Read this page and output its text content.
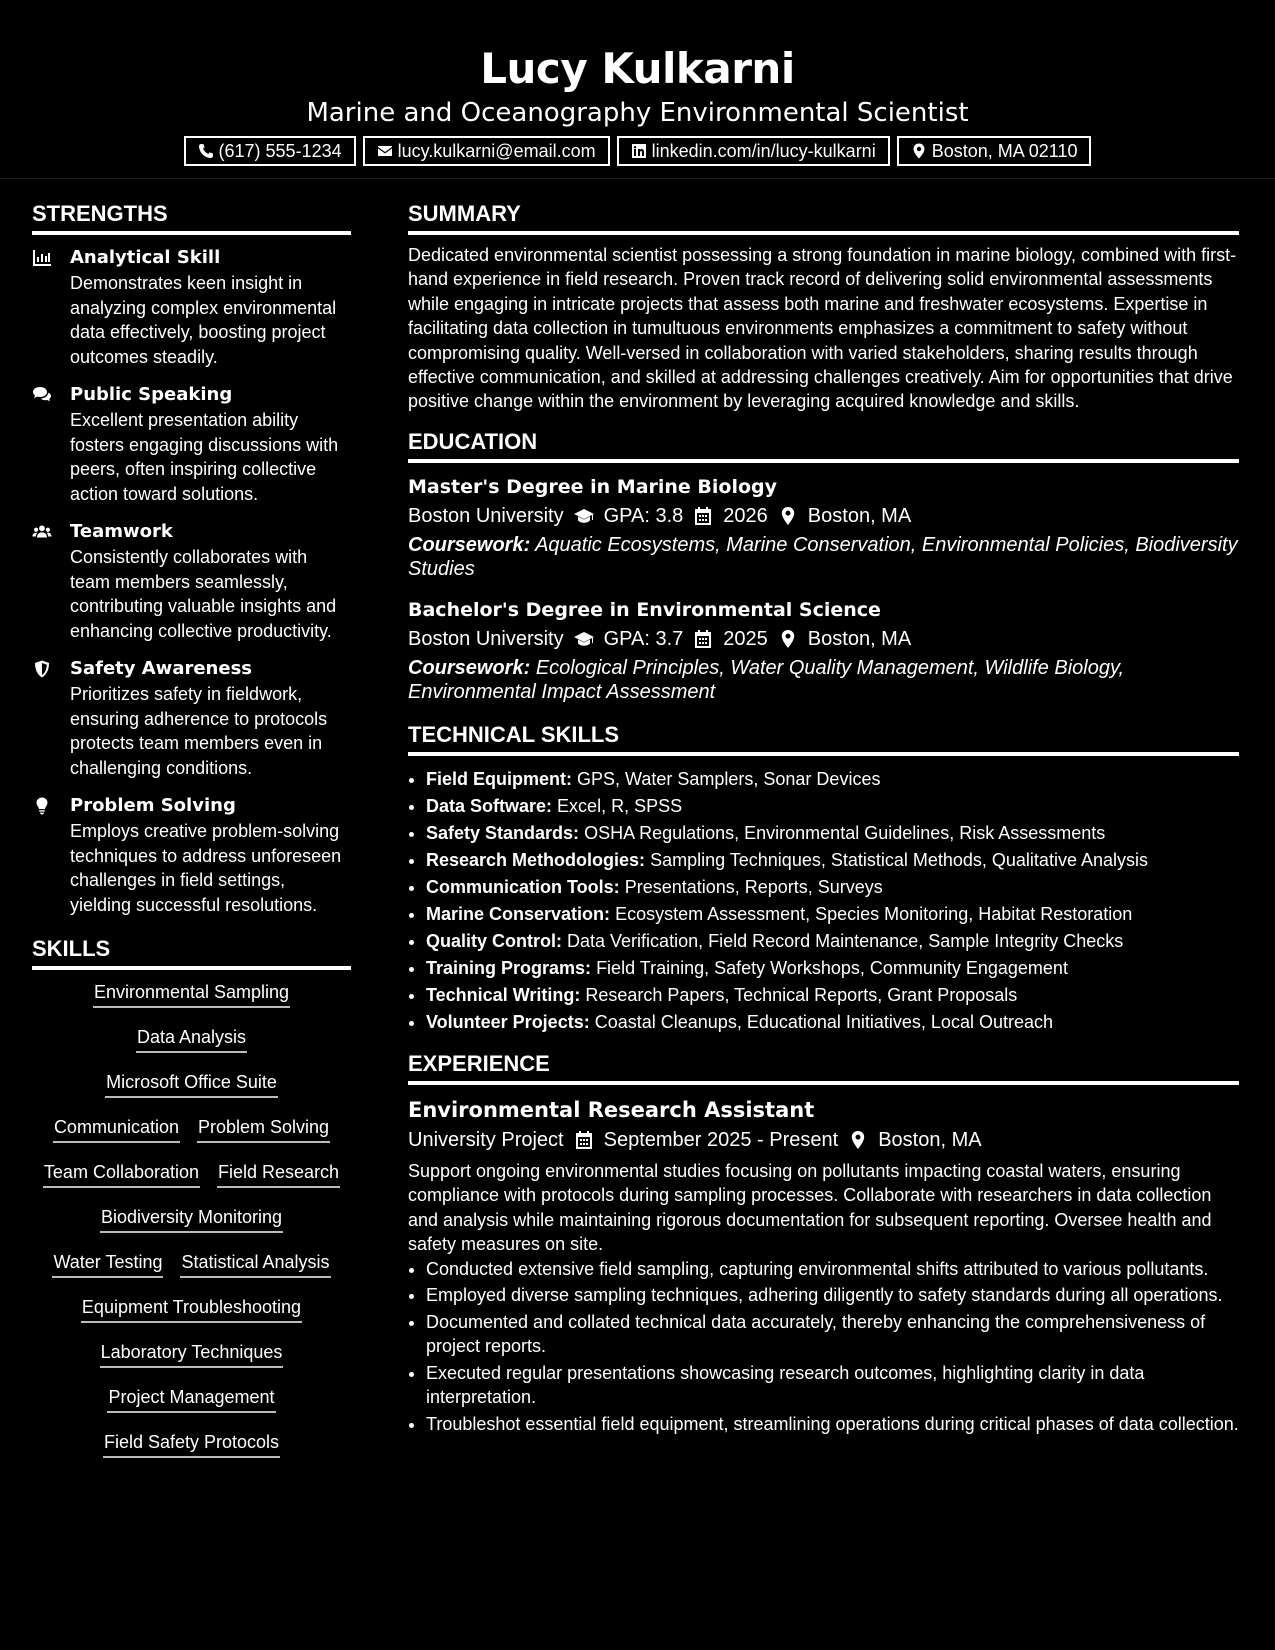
Lucy Kulkarni
Marine and Oceanography Environmental Scientist
(617) 555-1234	lucy.kulkarni@email.com	linkedin.com/in/lucy-kulkarni	Boston, MA 02110
STRENGTHS
Analytical Skill
Demonstrates keen insight in analyzing complex environmental data effectively, boosting project outcomes steadily.
Public Speaking
Excellent presentation ability fosters engaging discussions with peers, often inspiring collective action toward solutions.
Teamwork
Consistently collaborates with team members seamlessly, contributing valuable insights and enhancing collective productivity.
Safety Awareness
Prioritizes safety in fieldwork, ensuring adherence to protocols protects team members even in challenging conditions.
Problem Solving
Employs creative problem-solving techniques to address unforeseen challenges in field settings, yielding successful resolutions.
SKILLS
Environmental Sampling
Data Analysis
Microsoft Office Suite
Communication Problem Solving
Team Collaboration Field Research
Biodiversity Monitoring
Water Testing Statistical Analysis
Equipment Troubleshooting
Laboratory Techniques
Project Management
Field Safety Protocols
SUMMARY
Dedicated environmental scientist possessing a strong foundation in marine biology, combined with first-hand experience in field research. Proven track record of delivering solid environmental assessments while engaging in intricate projects that assess both marine and freshwater ecosystems. Expertise in facilitating data collection in tumultuous environments emphasizes a commitment to safety without compromising quality. Well-versed in collaboration with varied stakeholders, sharing results through effective communication, and skilled at addressing challenges creatively. Aim for opportunities that drive positive change within the environment by leveraging acquired knowledge and skills.
EDUCATION
Master's Degree in Marine Biology
Boston University GPA: 3.8 2026 Boston, MA
Coursework: Aquatic Ecosystems, Marine Conservation, Environmental Policies, Biodiversity Studies
Bachelor's Degree in Environmental Science
Boston University GPA: 3.7 2025 Boston, MA
Coursework: Ecological Principles, Water Quality Management, Wildlife Biology, Environmental Impact Assessment
TECHNICAL SKILLS
• Field Equipment: GPS, Water Samplers, Sonar Devices
• Data Software: Excel, R, SPSS
• Safety Standards: OSHA Regulations, Environmental Guidelines, Risk Assessments
• Research Methodologies: Sampling Techniques, Statistical Methods, Qualitative Analysis
• Communication Tools: Presentations, Reports, Surveys
• Marine Conservation: Ecosystem Assessment, Species Monitoring, Habitat Restoration
• Quality Control: Data Verification, Field Record Maintenance, Sample Integrity Checks
• Training Programs: Field Training, Safety Workshops, Community Engagement
• Technical Writing: Research Papers, Technical Reports, Grant Proposals
• Volunteer Projects: Coastal Cleanups, Educational Initiatives, Local Outreach
EXPERIENCE
Environmental Research Assistant
University Project September 2025 - Present Boston, MA
Support ongoing environmental studies focusing on pollutants impacting coastal waters, ensuring compliance with protocols during sampling processes. Collaborate with researchers in data collection and analysis while maintaining rigorous documentation for subsequent reporting. Oversee health and safety measures on site.
• Conducted extensive field sampling, capturing environmental shifts attributed to various pollutants.
• Employed diverse sampling techniques, adhering diligently to safety standards during all operations.
• Documented and collated technical data accurately, thereby enhancing the comprehensiveness of project reports.
• Executed regular presentations showcasing research outcomes, highlighting clarity in data interpretation.
• Troubleshot essential field equipment, streamlining operations during critical phases of data collection.
